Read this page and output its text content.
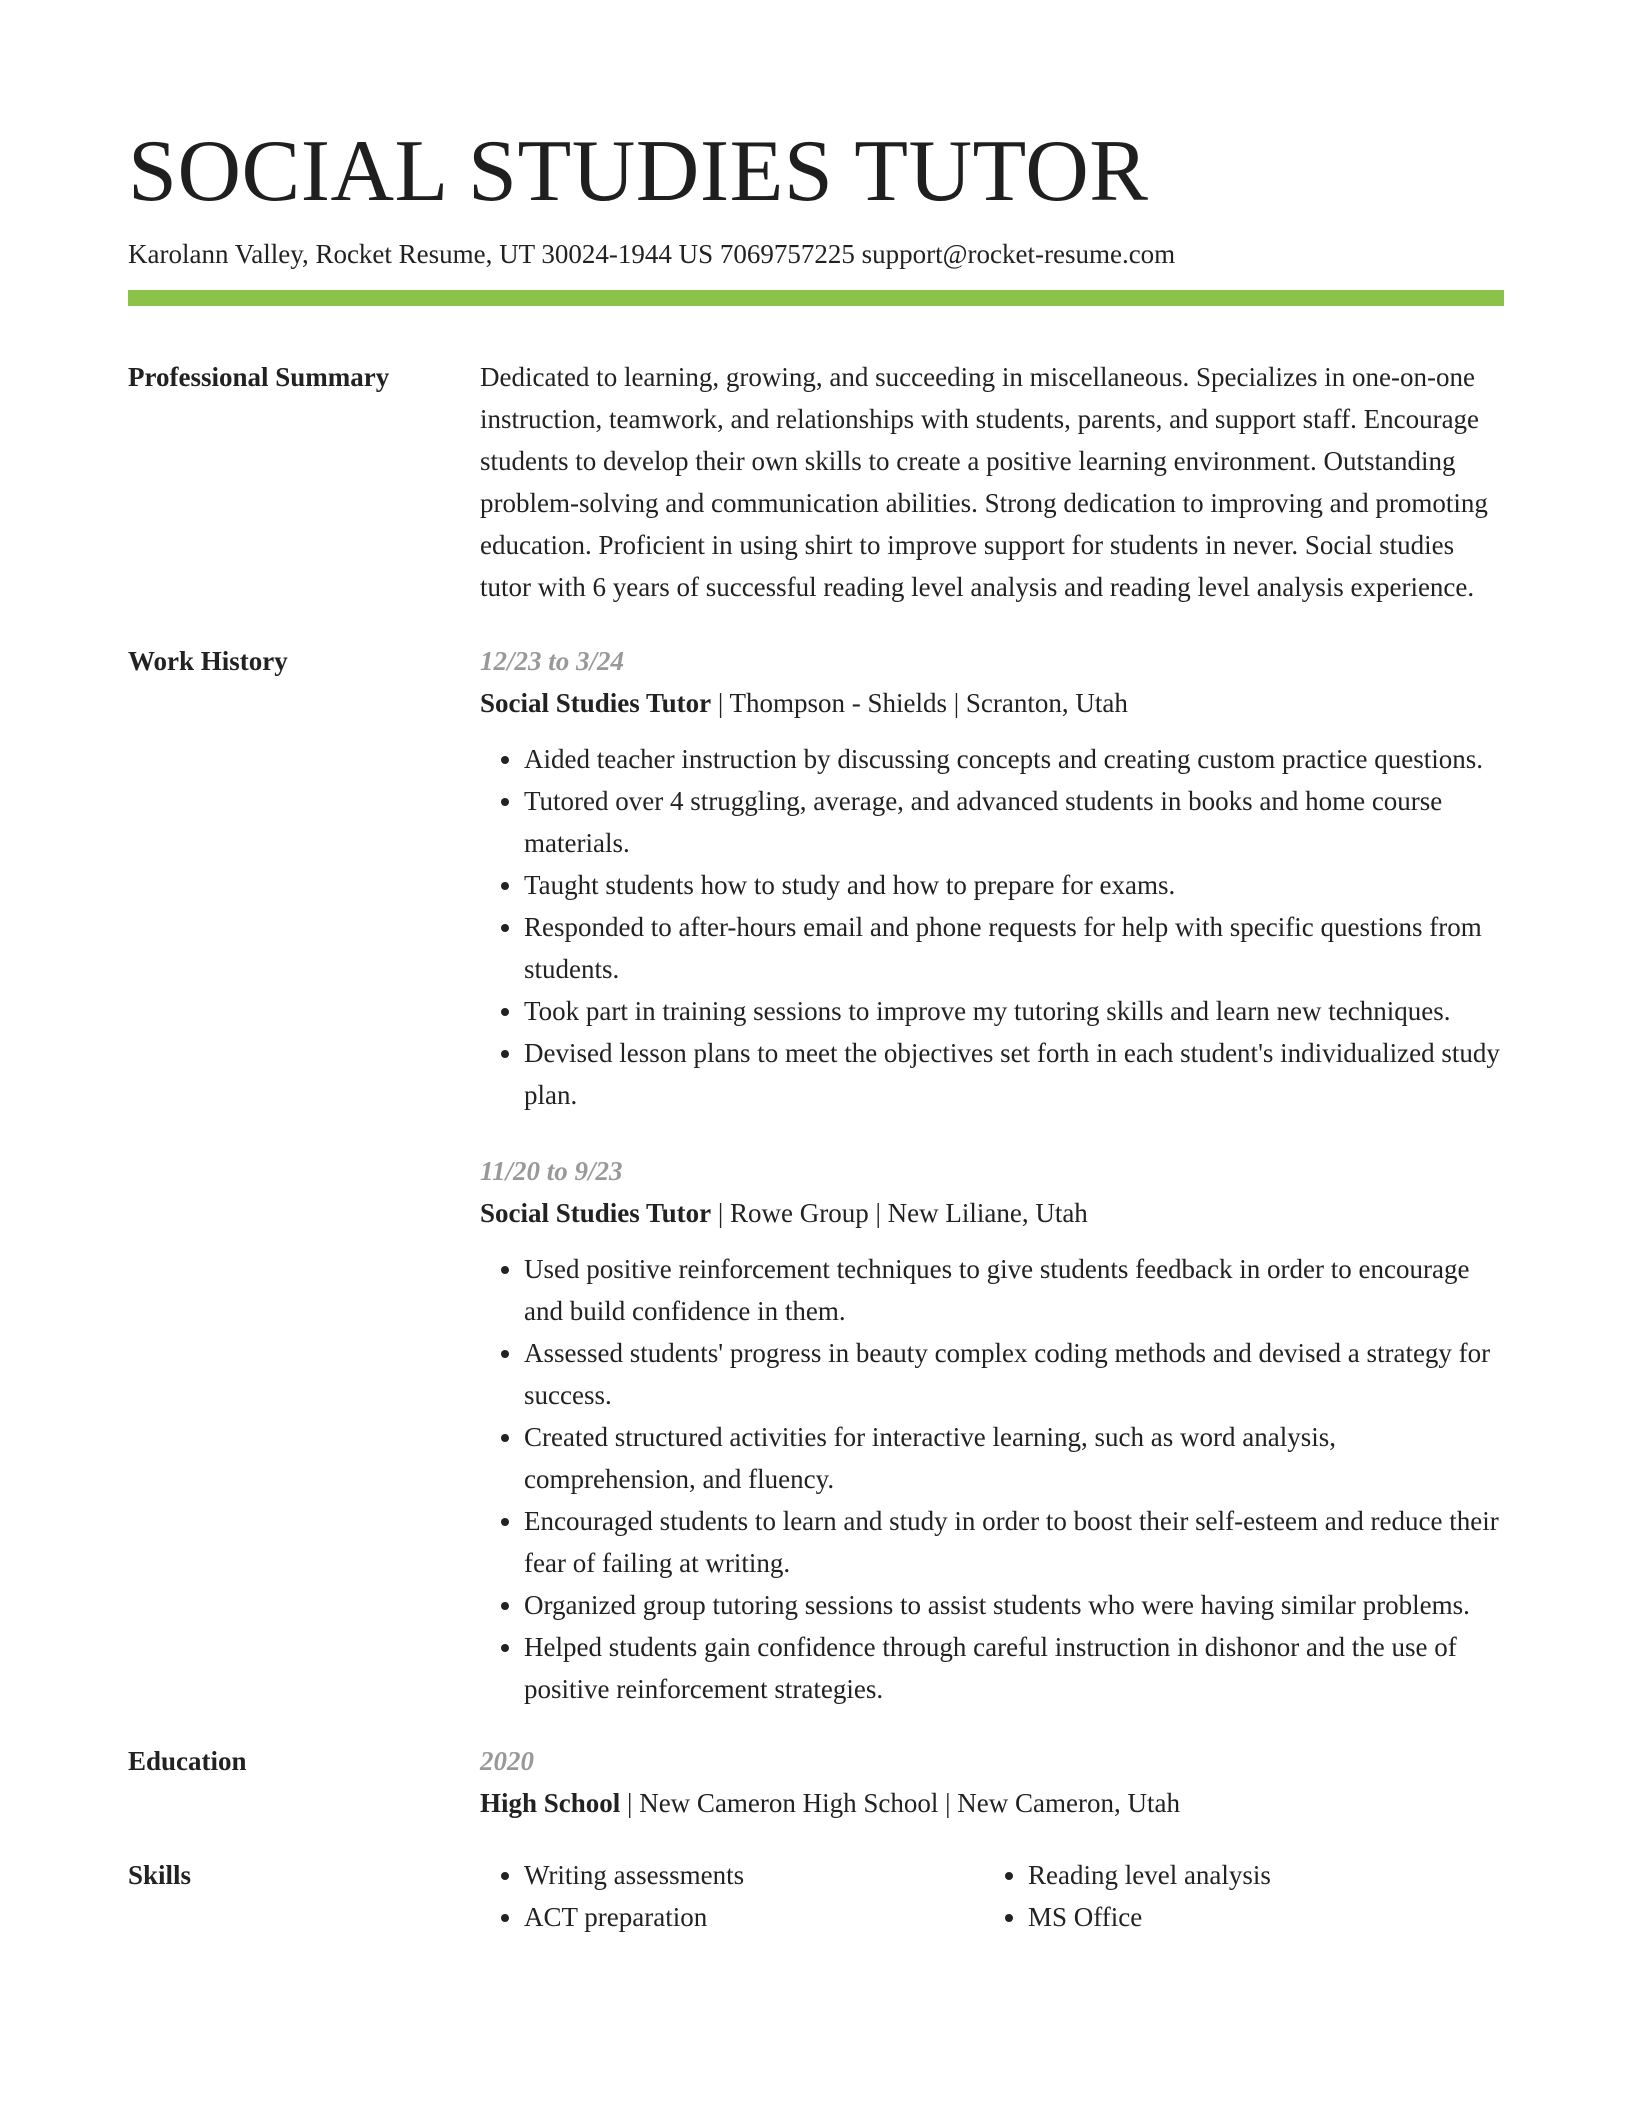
SOCIAL STUDIES TUTOR

Karolann Valley, Rocket Resume, UT 30024-1944 US 7069757225 support@rocket-resume.com

Professional Summary	Dedicated to learning, growing, and succeeding in miscellaneous. Specializes in one-on-one instruction, teamwork, and relationships with students, parents, and support staff. Encourage students to develop their own skills to create a positive learning environment. Outstanding problem-solving and communication abilities. Strong dedication to improving and promoting education. Proficient in using shirt to improve support for students in never. Social studies tutor with 6 years of successful reading level analysis and reading level analysis experience.
Work History	12/23 to 3/24
Social Studies Tutor | Thompson - Shields | Scranton, Utah
• Aided teacher instruction by discussing concepts and creating custom practice questions.
• Tutored over 4 struggling, average, and advanced students in books and home course materials.
• Taught students how to study and how to prepare for exams.
• Responded to after-hours email and phone requests for help with specific questions from students.
• Took part in training sessions to improve my tutoring skills and learn new techniques.
• Devised lesson plans to meet the objectives set forth in each student's individualized study plan.
11/20 to 9/23
Social Studies Tutor | Rowe Group | New Liliane, Utah
• Used positive reinforcement techniques to give students feedback in order to encourage and build confidence in them.
• Assessed students' progress in beauty complex coding methods and devised a strategy for success.
• Created structured activities for interactive learning, such as word analysis, comprehension, and fluency.
• Encouraged students to learn and study in order to boost their self-esteem and reduce their fear of failing at writing.
• Organized group tutoring sessions to assist students who were having similar problems.
• Helped students gain confidence through careful instruction in dishonor and the use of positive reinforcement strategies.
Education	2020
High School | New Cameron High School | New Cameron, Utah
Skills
•	Writing assessments
• ACT preparation
• Reading level analysis
• MS Office
